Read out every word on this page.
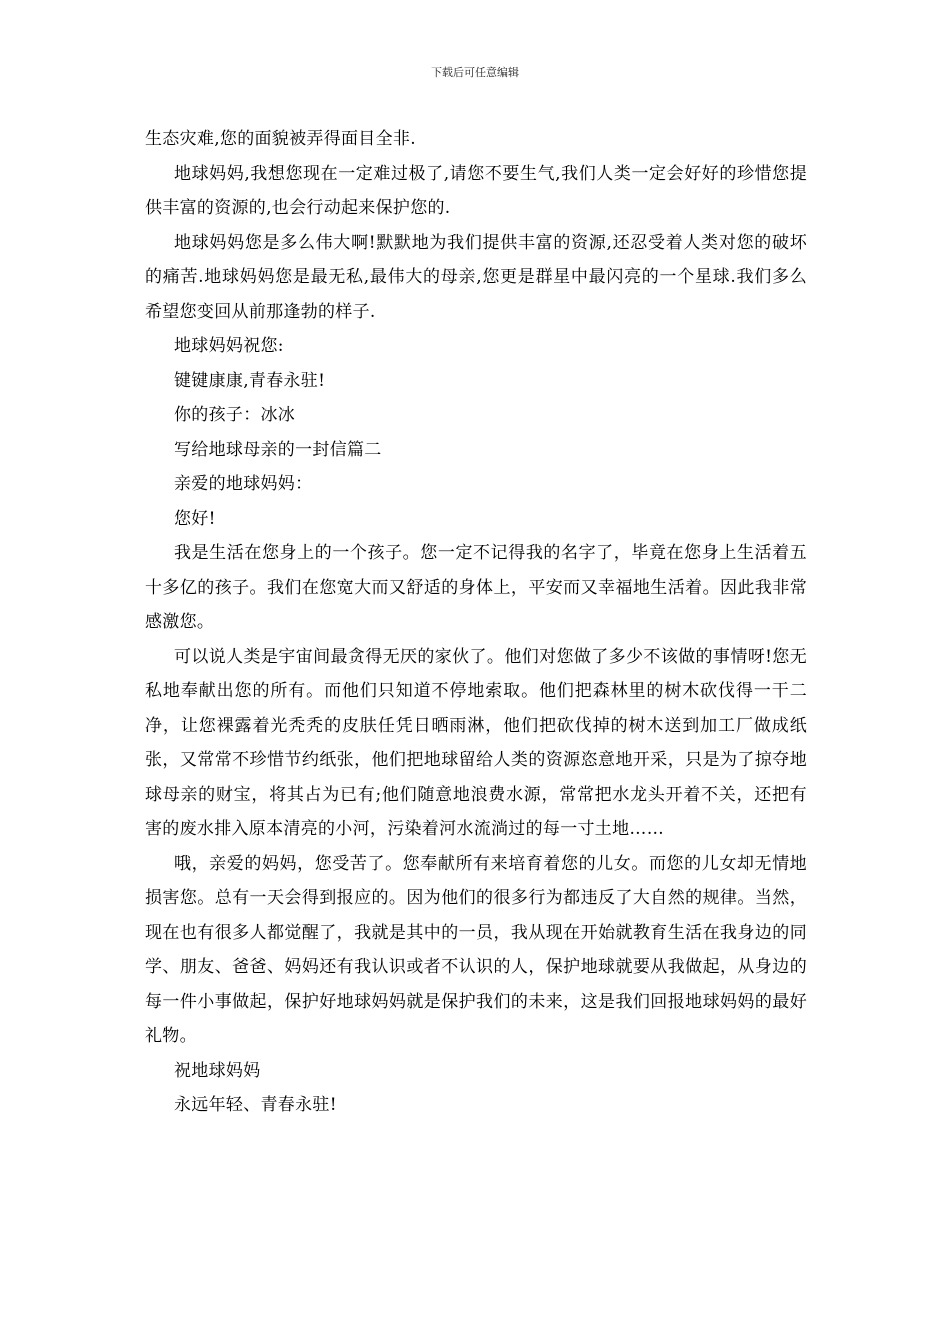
下载后可任意编辑

生态灾难,您的面貌被弄得面目全非.

地球妈妈,我想您现在一定难过极了,请您不要生气,我们人类一定会好好的珍惜您提供丰富的资源的,也会行动起来保护您的.

地球妈妈您是多么伟大啊!默默地为我们提供丰富的资源,还忍受着人类对您的破坏的痛苦.地球妈妈您是最无私,最伟大的母亲,您更是群星中最闪亮的一个星球.我们多么希望您变回从前那逢勃的样子.

地球妈妈祝您:

键键康康,青春永驻!

你的孩子：冰冰

写给地球母亲的一封信篇二

亲爱的地球妈妈：

您好!

我是生活在您身上的一个孩子。您一定不记得我的名字了，毕竟在您身上生活着五十多亿的孩子。我们在您宽大而又舒适的身体上，平安而又幸福地生活着。因此我非常感激您。

可以说人类是宇宙间最贪得无厌的家伙了。他们对您做了多少不该做的事情呀!您无私地奉献出您的所有。而他们只知道不停地索取。他们把森林里的树木砍伐得一干二净，让您裸露着光秃秃的皮肤任凭日晒雨淋，他们把砍伐掉的树木送到加工厂做成纸张，又常常不珍惜节约纸张，他们把地球留给人类的资源恣意地开采，只是为了掠夺地球母亲的财宝，将其占为已有;他们随意地浪费水源，常常把水龙头开着不关，还把有害的废水排入原本清亮的小河，污染着河水流淌过的每一寸土地……

哦，亲爱的妈妈，您受苦了。您奉献所有来培育着您的儿女。而您的儿女却无情地损害您。总有一天会得到报应的。因为他们的很多行为都违反了大自然的规律。当然，现在也有很多人都觉醒了，我就是其中的一员，我从现在开始就教育生活在我身边的同学、朋友、爸爸、妈妈还有我认识或者不认识的人，保护地球就要从我做起，从身边的每一件小事做起，保护好地球妈妈就是保护我们的未来，这是我们回报地球妈妈的最好礼物。

祝地球妈妈

永远年轻、青春永驻!
